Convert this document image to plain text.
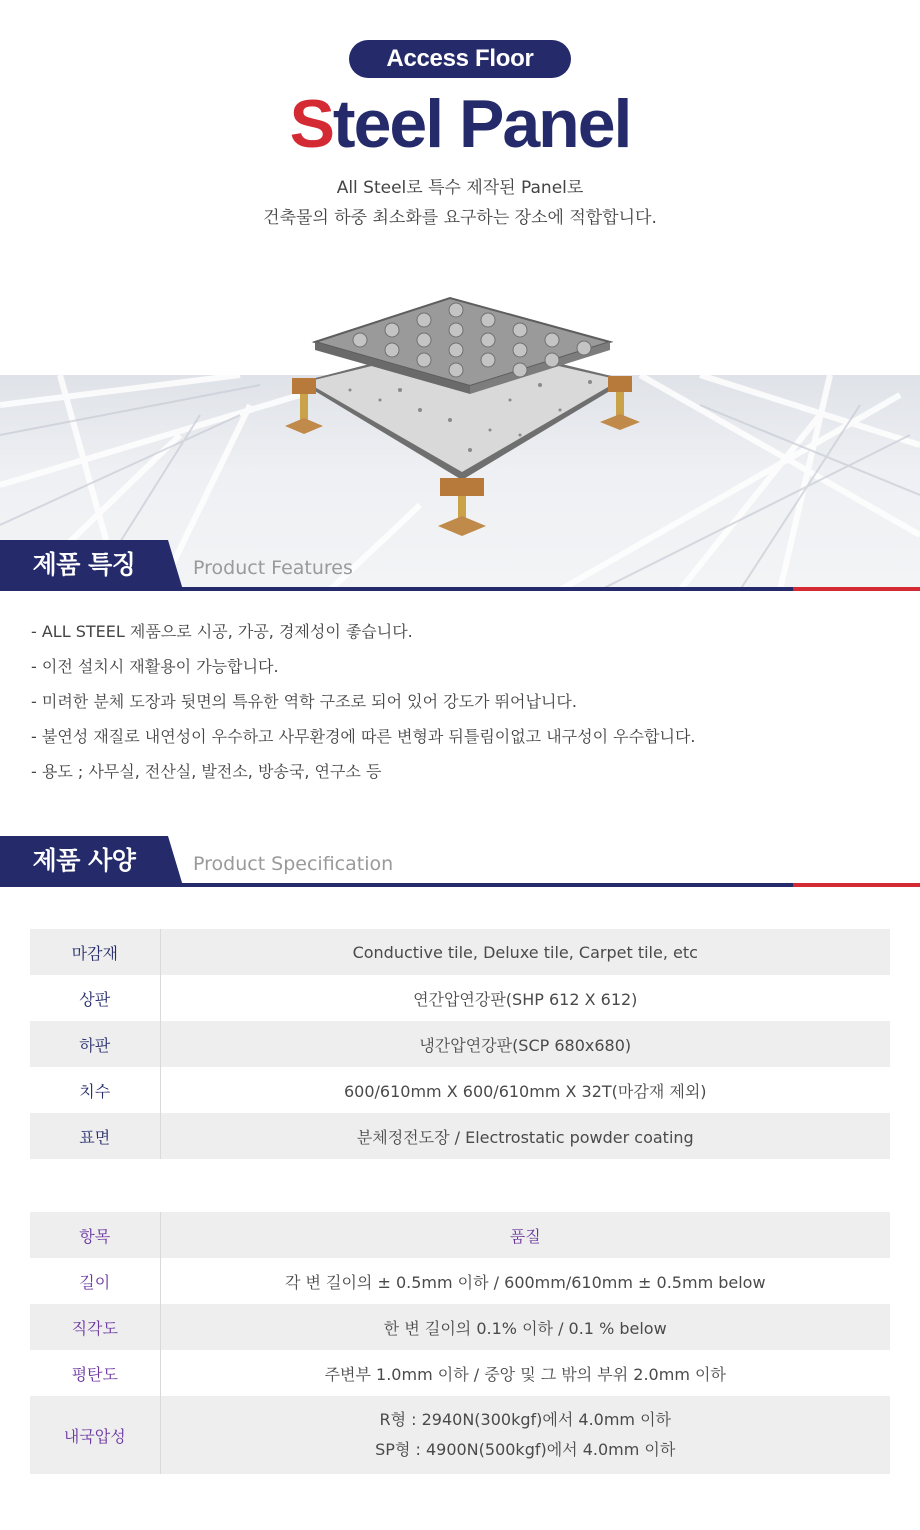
Access Floor
Steel Panel
All Steel로 특수 제작된 Panel로
건축물의 하중 최소화를 요구하는 장소에 적합합니다.
제품 특징	Product Features
- ALL STEEL 제품으로 시공, 가공, 경제성이 좋습니다.
- 이전 설치시 재활용이 가능합니다.
- 미려한 분체 도장과 뒷면의 특유한 역학 구조로 되어 있어 강도가 뛰어납니다.
- 불연성 재질로 내연성이 우수하고 사무환경에 따른 변형과 뒤틀림이없고 내구성이 우수합니다.
- 용도 ; 사무실, 전산실, 발전소, 방송국, 연구소 등
제품 사양	Product Specification
마감재	Conductive tile, Deluxe tile, Carpet tile, etc
상판	연간압연강판(SHP 612 X 612)
하판	냉간압연강판(SCP 680x680)
치수	600/610mm X 600/610mm X 32T(마감재 제외)
표면	분체정전도장 / Electrostatic powder coating
항목	품질
길이	각 변 길이의 ± 0.5mm 이하 / 600mm/610mm ± 0.5mm below
직각도	한 변 길이의 0.1% 이하 / 0.1 % below
평탄도	주변부 1.0mm 이하 / 중앙 및 그 밖의 부위 2.0mm 이하
내국압성	R형 : 2940N(300kgf)에서 4.0mm 이하
SP형 : 4900N(500kgf)에서 4.0mm 이하
